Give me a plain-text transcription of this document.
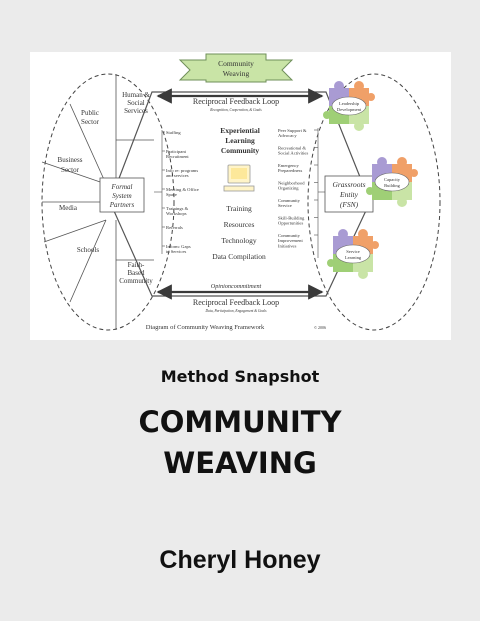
Community
Weaving
Reciprocal Feedback Loop
Recognition, Cooperation, & Goals
Opinioncommitment
Reciprocal Feedback Loop
Data, Participation, Engagement & Goals
Public
Sector
Human &
Social
Services
Business
Sector
Media
Schools
Faith-
Based
Community
Formal
System
Partners
Staffing
Participant
Recruitment
Info re: programs
and services
Meeting & Office
Space
Trainings &
Workshops
Referrals
Inform: Gaps
in Services
Experiential
Learning
Community
Training
Resources
Technology
Data Compilation
Peer Support &
Advocacy
Recreational &
Social Activities
Emergency
Preparedness
Neighborhood
Organizing
Community
Service
Skill-Building
Opportunities
Community
Improvement
Initiatives
Grassroots
Entity
(FSN)
Leadership
Development
Capacity
Building
Service
Learning
Diagram of Community Weaving Framework	© 2006
Method Snapshot
COMMUNITY
WEAVING
Cheryl Honey
